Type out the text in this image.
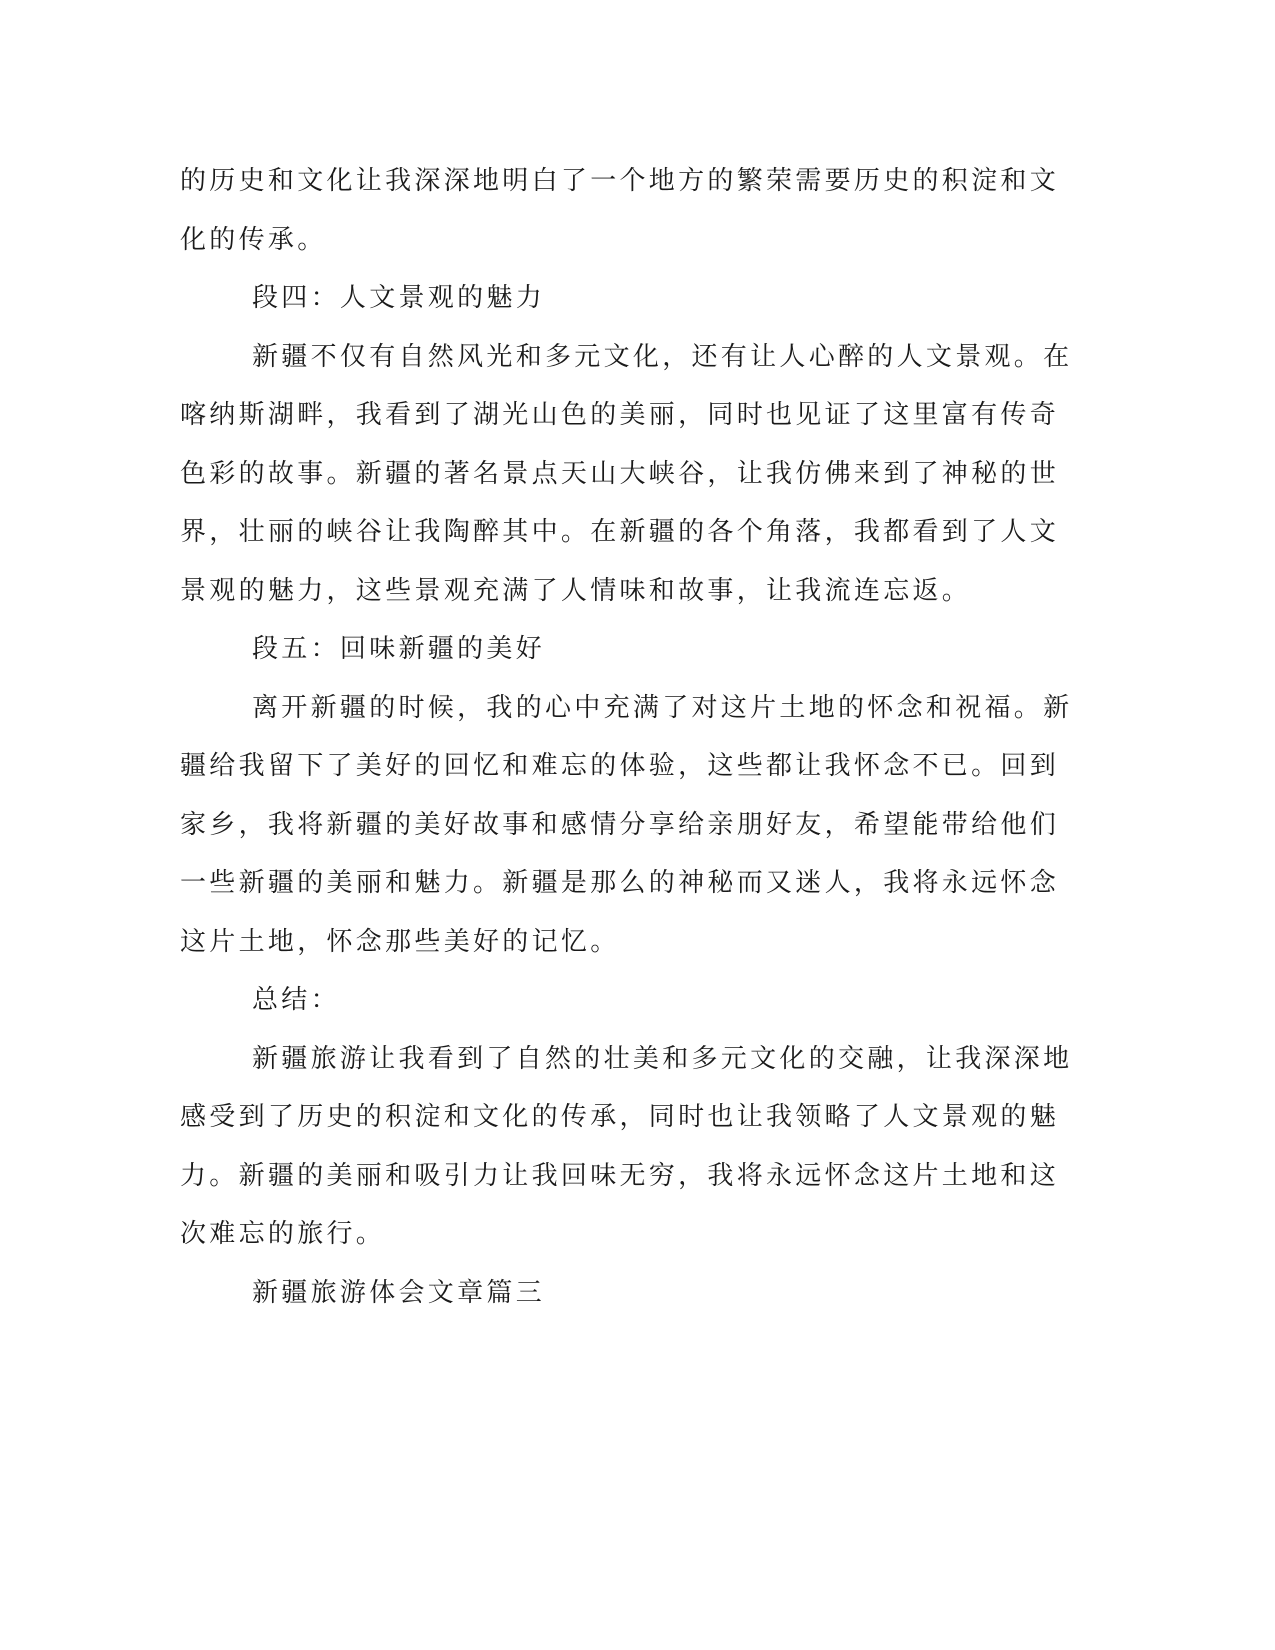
的历史和文化让我深深地明白了一个地方的繁荣需要历史的积淀和文

化的传承。

段四：人文景观的魅力

新疆不仅有自然风光和多元文化，还有让人心醉的人文景观。在

喀纳斯湖畔，我看到了湖光山色的美丽，同时也见证了这里富有传奇

色彩的故事。新疆的著名景点天山大峡谷，让我仿佛来到了神秘的世

界，壮丽的峡谷让我陶醉其中。在新疆的各个角落，我都看到了人文

景观的魅力，这些景观充满了人情味和故事，让我流连忘返。

段五：回味新疆的美好

离开新疆的时候，我的心中充满了对这片土地的怀念和祝福。新

疆给我留下了美好的回忆和难忘的体验，这些都让我怀念不已。回到

家乡，我将新疆的美好故事和感情分享给亲朋好友，希望能带给他们

一些新疆的美丽和魅力。新疆是那么的神秘而又迷人，我将永远怀念

这片土地，怀念那些美好的记忆。

总结：

新疆旅游让我看到了自然的壮美和多元文化的交融，让我深深地

感受到了历史的积淀和文化的传承，同时也让我领略了人文景观的魅

力。新疆的美丽和吸引力让我回味无穷，我将永远怀念这片土地和这

次难忘的旅行。

新疆旅游体会文章篇三
